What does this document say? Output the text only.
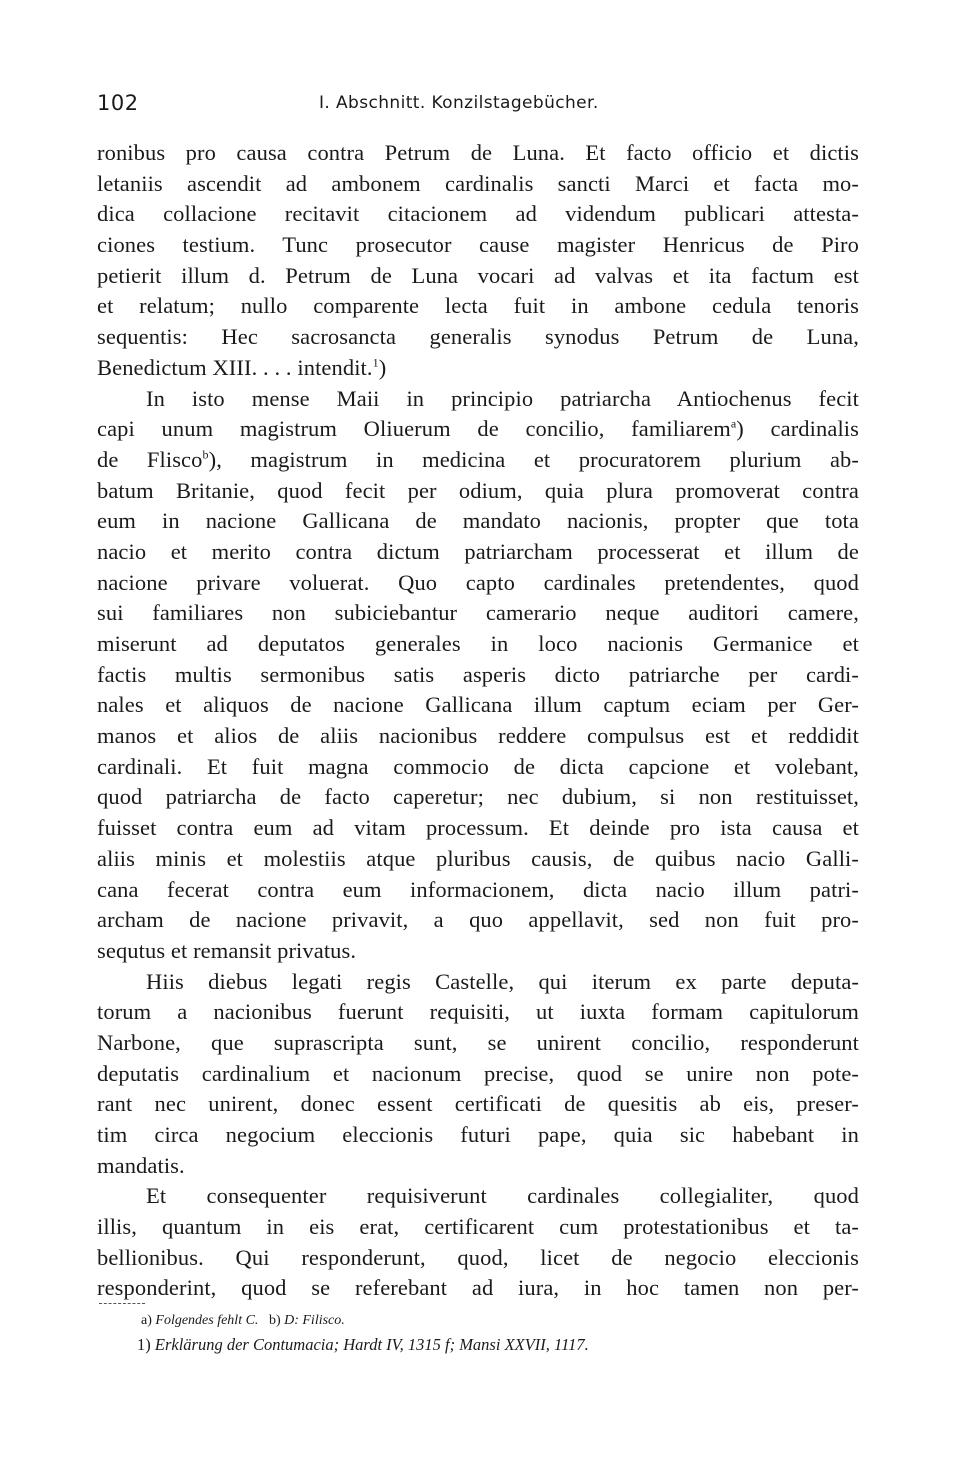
102	I. Abschnitt. Konzilstagebücher.
ronibus pro causa contra Petrum de Luna. Et facto officio et dictis
letaniis ascendit ad ambonem cardinalis sancti Marci et facta mo-
dica collacione recitavit citacionem ad videndum publicari attesta-
ciones testium. Tunc prosecutor cause magister Henricus de Piro
petierit illum d. Petrum de Luna vocari ad valvas et ita factum est
et relatum; nullo comparente lecta fuit in ambone cedula tenoris
sequentis: Hec sacrosancta generalis synodus Petrum de Luna,
Benedictum XIII. . . . intendit.$^1$)
In isto mense Maii in principio patriarcha Antiochenus fecit
capi unum magistrum Oliuerum de concilio, familiarem$^a$) cardinalis
de Flisco$^b$), magistrum in medicina et procuratorem plurium ab-
batum Britanie, quod fecit per odium, quia plura promoverat contra
eum in nacione Gallicana de mandato nacionis, propter que tota
nacio et merito contra dictum patriarcham processerat et illum de
nacione privare voluerat. Quo capto cardinales pretendentes, quod
sui familiares non subiciebantur camerario neque auditori camere,
miserunt ad deputatos generales in loco nacionis Germanice et
factis multis sermonibus satis asperis dicto patriarche per cardi-
nales et aliquos de nacione Gallicana illum captum eciam per Ger-
manos et alios de aliis nacionibus reddere compulsus est et reddidit
cardinali. Et fuit magna commocio de dicta capcione et volebant,
quod patriarcha de facto caperetur; nec dubium, si non restituisset,
fuisset contra eum ad vitam processum. Et deinde pro ista causa et
aliis minis et molestiis atque pluribus causis, de quibus nacio Galli-
cana fecerat contra eum informacionem, dicta nacio illum patri-
archam de nacione privavit, a quo appellavit, sed non fuit pro-
sequtus et remansit privatus.
Hiis diebus legati regis Castelle, qui iterum ex parte deputa-
torum a nacionibus fuerunt requisiti, ut iuxta formam capitulorum
Narbone, que suprascripta sunt, se unirent concilio, responderunt
deputatis cardinalium et nacionum precise, quod se unire non pote-
rant nec unirent, donec essent certificati de quesitis ab eis, preser-
tim circa negocium eleccionis futuri pape, quia sic habebant in
mandatis.
Et consequenter requisiverunt cardinales collegialiter, quod
illis, quantum in eis erat, certificarent cum protestationibus et ta-
bellionibus. Qui responderunt, quod, licet de negocio eleccionis
responderint, quod se referebant ad iura, in hoc tamen non per-
a) Folgendes fehlt C. b) D: Filisco.
1) Erklärung der Contumacia; Hardt IV, 1315 f; Mansi XXVII, 1117.
